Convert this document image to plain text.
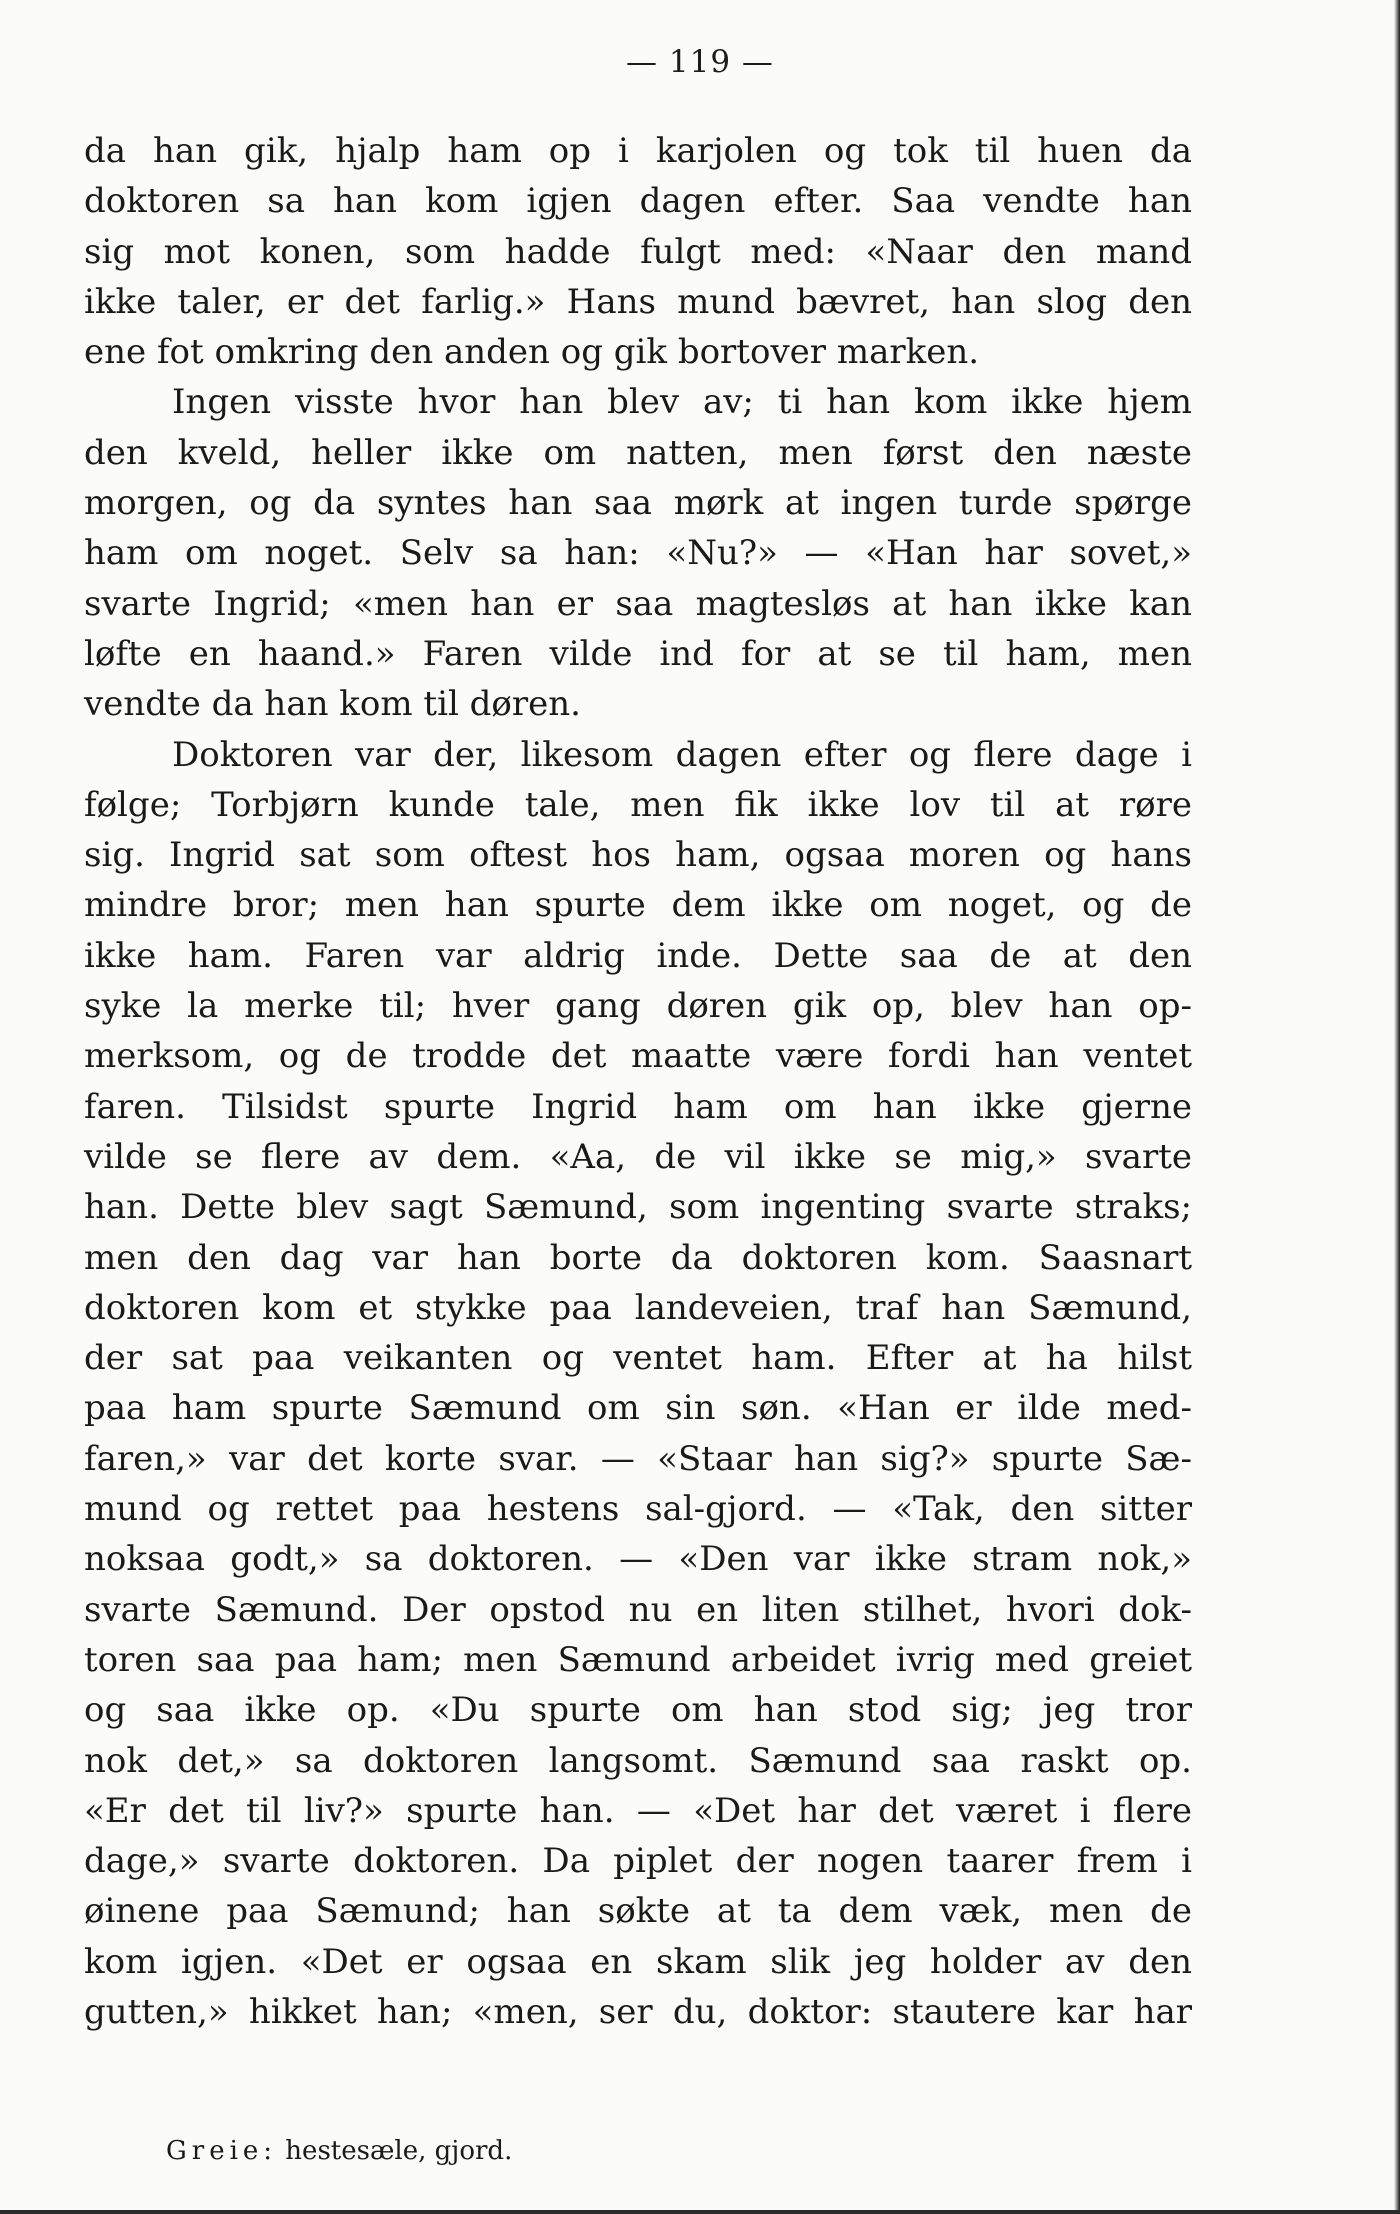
— 119 —
da han gik, hjalp ham op i karjolen og tok til huen da
doktoren sa han kom igjen dagen efter. Saa vendte han
sig mot konen, som hadde fulgt med: «Naar den mand
ikke taler, er det farlig.» Hans mund bævret, han slog den
ene fot omkring den anden og gik bortover marken.
Ingen visste hvor han blev av; ti han kom ikke hjem
den kveld, heller ikke om natten, men først den næste
morgen, og da syntes han saa mørk at ingen turde spørge
ham om noget. Selv sa han: «Nu?» — «Han har sovet,»
svarte Ingrid; «men han er saa magtesløs at han ikke kan
løfte en haand.» Faren vilde ind for at se til ham, men
vendte da han kom til døren.
Doktoren var der, likesom dagen efter og flere dage i
følge; Torbjørn kunde tale, men fik ikke lov til at røre
sig. Ingrid sat som oftest hos ham, ogsaa moren og hans
mindre bror; men han spurte dem ikke om noget, og de
ikke ham. Faren var aldrig inde. Dette saa de at den
syke la merke til; hver gang døren gik op, blev han op-
merksom, og de trodde det maatte være fordi han ventet
faren. Tilsidst spurte Ingrid ham om han ikke gjerne
vilde se flere av dem. «Aa, de vil ikke se mig,» svarte
han. Dette blev sagt Sæmund, som ingenting svarte straks;
men den dag var han borte da doktoren kom. Saasnart
doktoren kom et stykke paa landeveien, traf han Sæmund,
der sat paa veikanten og ventet ham. Efter at ha hilst
paa ham spurte Sæmund om sin søn. «Han er ilde med-
faren,» var det korte svar. — «Staar han sig?» spurte Sæ-
mund og rettet paa hestens sal-gjord. — «Tak, den sitter
noksaa godt,» sa doktoren. — «Den var ikke stram nok,»
svarte Sæmund. Der opstod nu en liten stilhet, hvori dok-
toren saa paa ham; men Sæmund arbeidet ivrig med greiet
og saa ikke op. «Du spurte om han stod sig; jeg tror
nok det,» sa doktoren langsomt. Sæmund saa raskt op.
«Er det til liv?» spurte han. — «Det har det været i flere
dage,» svarte doktoren. Da piplet der nogen taarer frem i
øinene paa Sæmund; han søkte at ta dem væk, men de
kom igjen. «Det er ogsaa en skam slik jeg holder av den
gutten,» hikket han; «men, ser du, doktor: stautere kar har
Greie: hestesæle, gjord.
